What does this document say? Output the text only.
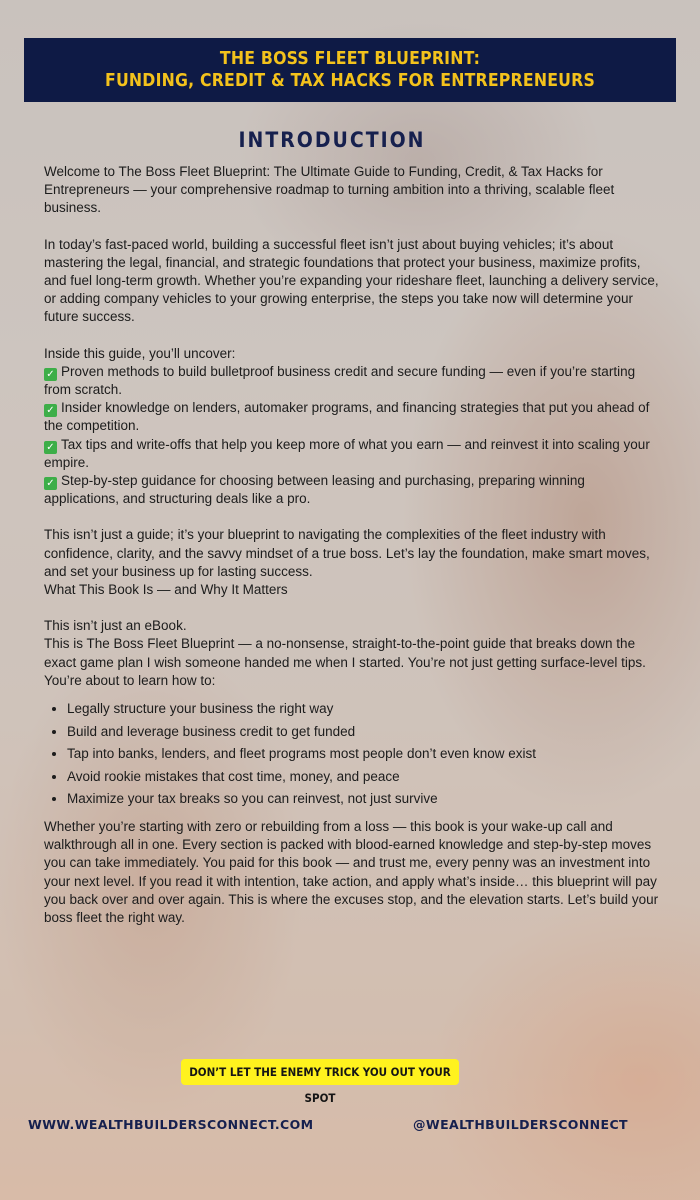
THE BOSS FLEET BLUEPRINT:
FUNDING, CREDIT & TAX HACKS FOR ENTREPRENEURS
INTRODUCTION

Welcome to The Boss Fleet Blueprint: The Ultimate Guide to Funding, Credit, & Tax Hacks for Entrepreneurs — your comprehensive roadmap to turning ambition into a thriving, scalable fleet business.

In today’s fast-paced world, building a successful fleet isn’t just about buying vehicles; it’s about mastering the legal, financial, and strategic foundations that protect your business, maximize profits, and fuel long-term growth. Whether you’re expanding your rideshare fleet, launching a delivery service, or adding company vehicles to your growing enterprise, the steps you take now will determine your future success.

Inside this guide, you’ll uncover:

✓ Proven methods to build bulletproof business credit and secure funding — even if you’re starting from scratch.

✓ Insider knowledge on lenders, automaker programs, and financing strategies that put you ahead of the competition.

✓ Tax tips and write-offs that help you keep more of what you earn — and reinvest it into scaling your empire.

✓ Step-by-step guidance for choosing between leasing and purchasing, preparing winning applications, and structuring deals like a pro.

This isn’t just a guide; it’s your blueprint to navigating the complexities of the fleet industry with confidence, clarity, and the savvy mindset of a true boss. Let’s lay the foundation, make smart moves, and set your business up for lasting success.

What This Book Is — and Why It Matters

This isn’t just an eBook.

This is The Boss Fleet Blueprint — a no-nonsense, straight-to-the-point guide that breaks down the exact game plan I wish someone handed me when I started. You’re not just getting surface-level tips. You’re about to learn how to:

• Legally structure your business the right way
• Build and leverage business credit to get funded
• Tap into banks, lenders, and fleet programs most people don’t even know exist
• Avoid rookie mistakes that cost time, money, and peace
• Maximize your tax breaks so you can reinvest, not just survive

Whether you’re starting with zero or rebuilding from a loss — this book is your wake-up call and walkthrough all in one. Every section is packed with blood-earned knowledge and step-by-step moves you can take immediately. You paid for this book — and trust me, every penny was an investment into your next level. If you read it with intention, take action, and apply what’s inside… this blueprint will pay you back over and over again. This is where the excuses stop, and the elevation starts. Let’s build your boss fleet the right way.

DON’T LET THE ENEMY TRICK YOU OUT YOUR SPOT
WWW.WEALTHBUILDERSCONNECT.COM	@WEALTHBUILDERSCONNECT
